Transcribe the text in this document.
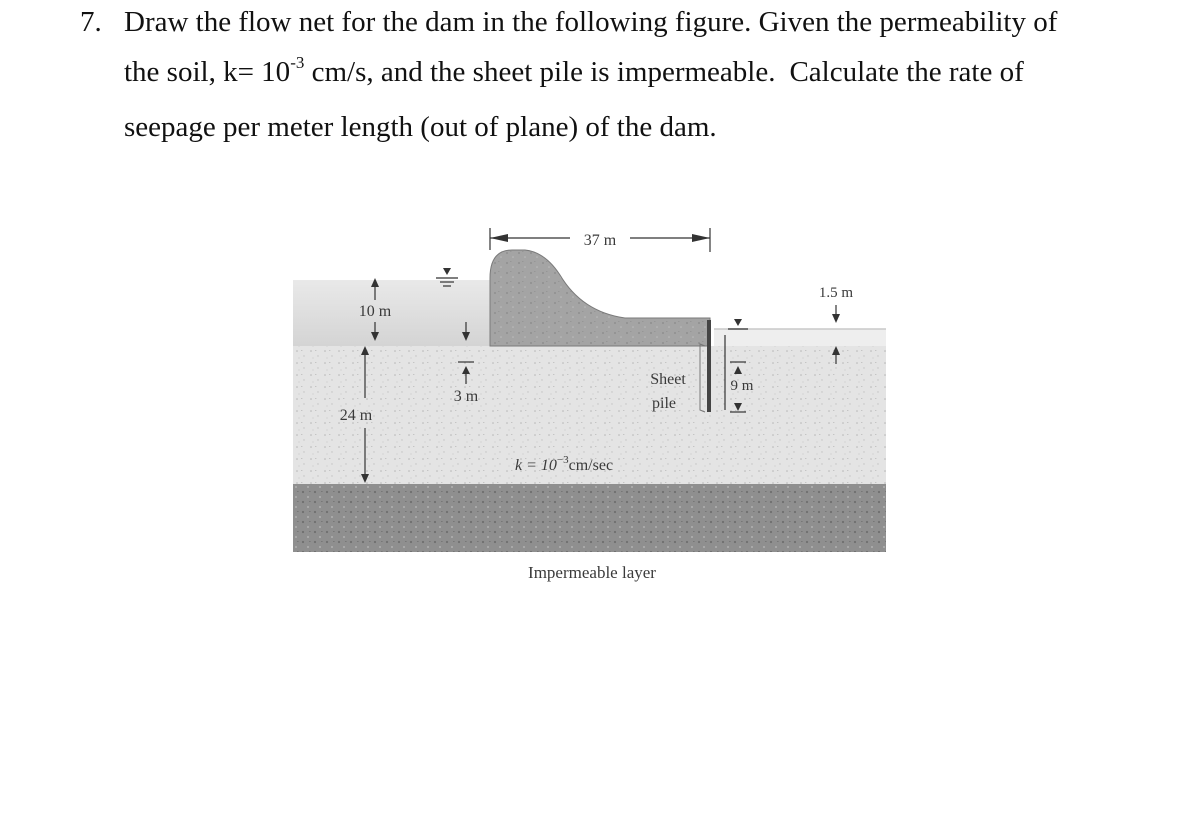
7. Draw the flow net for the dam in the following figure. Given the permeability of
the soil, $k= 10^{-3}$ cm/s, and the sheet pile is impermeable. Calculate the rate of
seepage per meter length (out of plane) of the dam.
37 m
10 m
24 m
3 m
Sheet
pile
9 m
1.5 m
$k = 10^{-3}cm/\sec$
Impermeable layer
